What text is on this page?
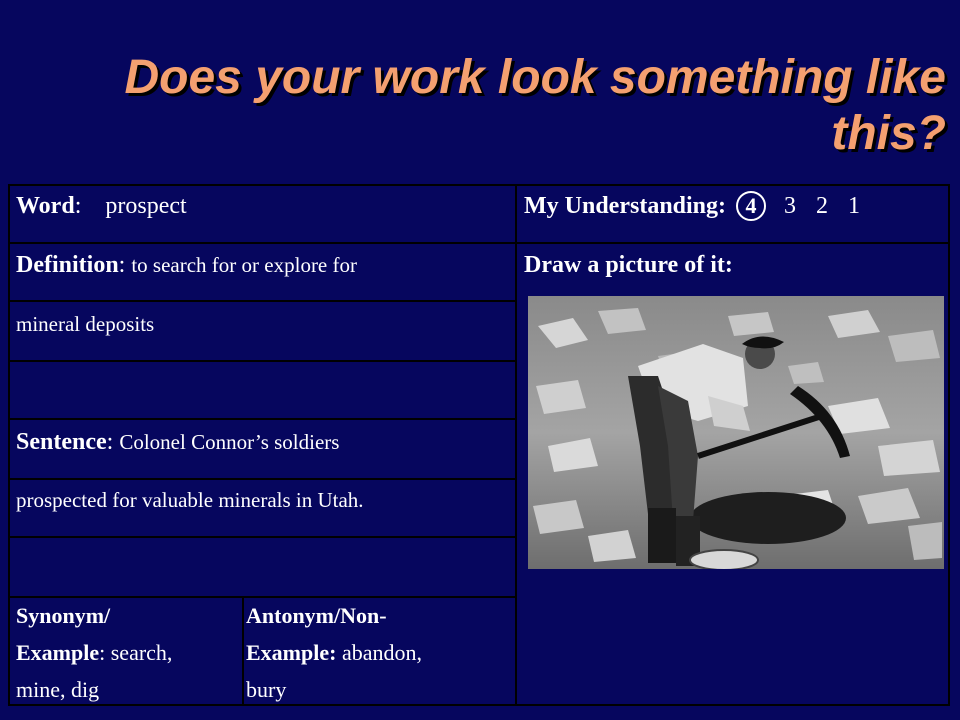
Does your work look something like
this?
Word: prospect	My Understanding: 4 3 2 1
Definition: to search for or explore for	Draw a picture of it:
mineral deposits
Sentence: Colonel Connor’s soldiers
prospected for valuable minerals in Utah.
Synonym/
Example: search,
mine, dig
Antonym/Non-
Example: abandon,
bury
